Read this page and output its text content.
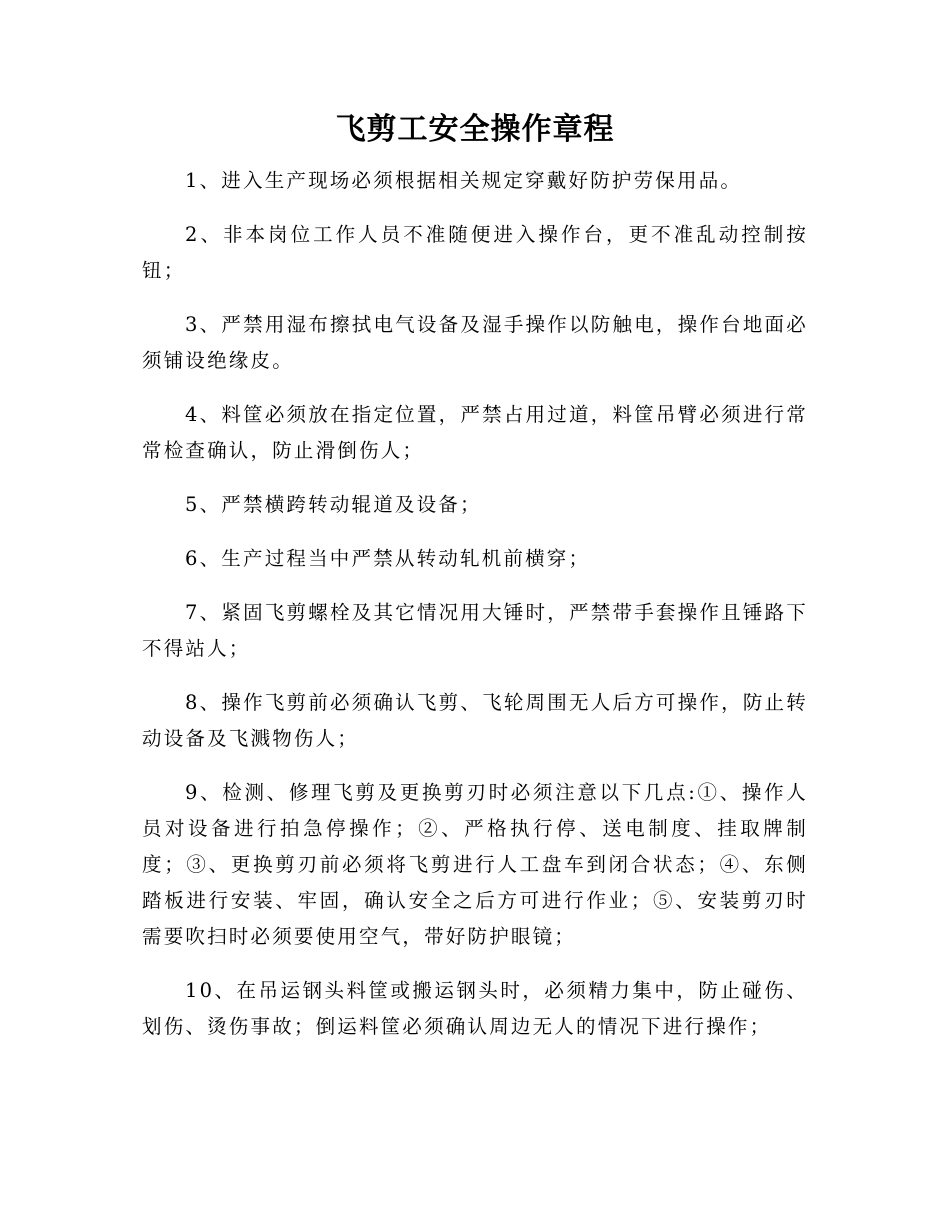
飞剪工安全操作章程

1、进入生产现场必须根据相关规定穿戴好防护劳保用品。

2、非本岗位工作人员不准随便进入操作台，更不准乱动控制按钮；

3、严禁用湿布擦拭电气设备及湿手操作以防触电，操作台地面必须铺设绝缘皮。

4、料筐必须放在指定位置，严禁占用过道，料筐吊臂必须进行常常检查确认，防止滑倒伤人；

5、严禁横跨转动辊道及设备；

6、生产过程当中严禁从转动轧机前横穿；

7、紧固飞剪螺栓及其它情况用大锤时，严禁带手套操作且锤路下不得站人；

8、操作飞剪前必须确认飞剪、飞轮周围无人后方可操作，防止转动设备及飞溅物伤人；

9、检测、修理飞剪及更换剪刃时必须注意以下几点:①、操作人员对设备进行拍急停操作；②、严格执行停、送电制度、挂取牌制度；③、更换剪刃前必须将飞剪进行人工盘车到闭合状态；④、东侧踏板进行安装、牢固，确认安全之后方可进行作业；⑤、安装剪刃时需要吹扫时必须要使用空气，带好防护眼镜；

10、在吊运钢头料筐或搬运钢头时，必须精力集中，防止碰伤、划伤、烫伤事故；倒运料筐必须确认周边无人的情况下进行操作；
